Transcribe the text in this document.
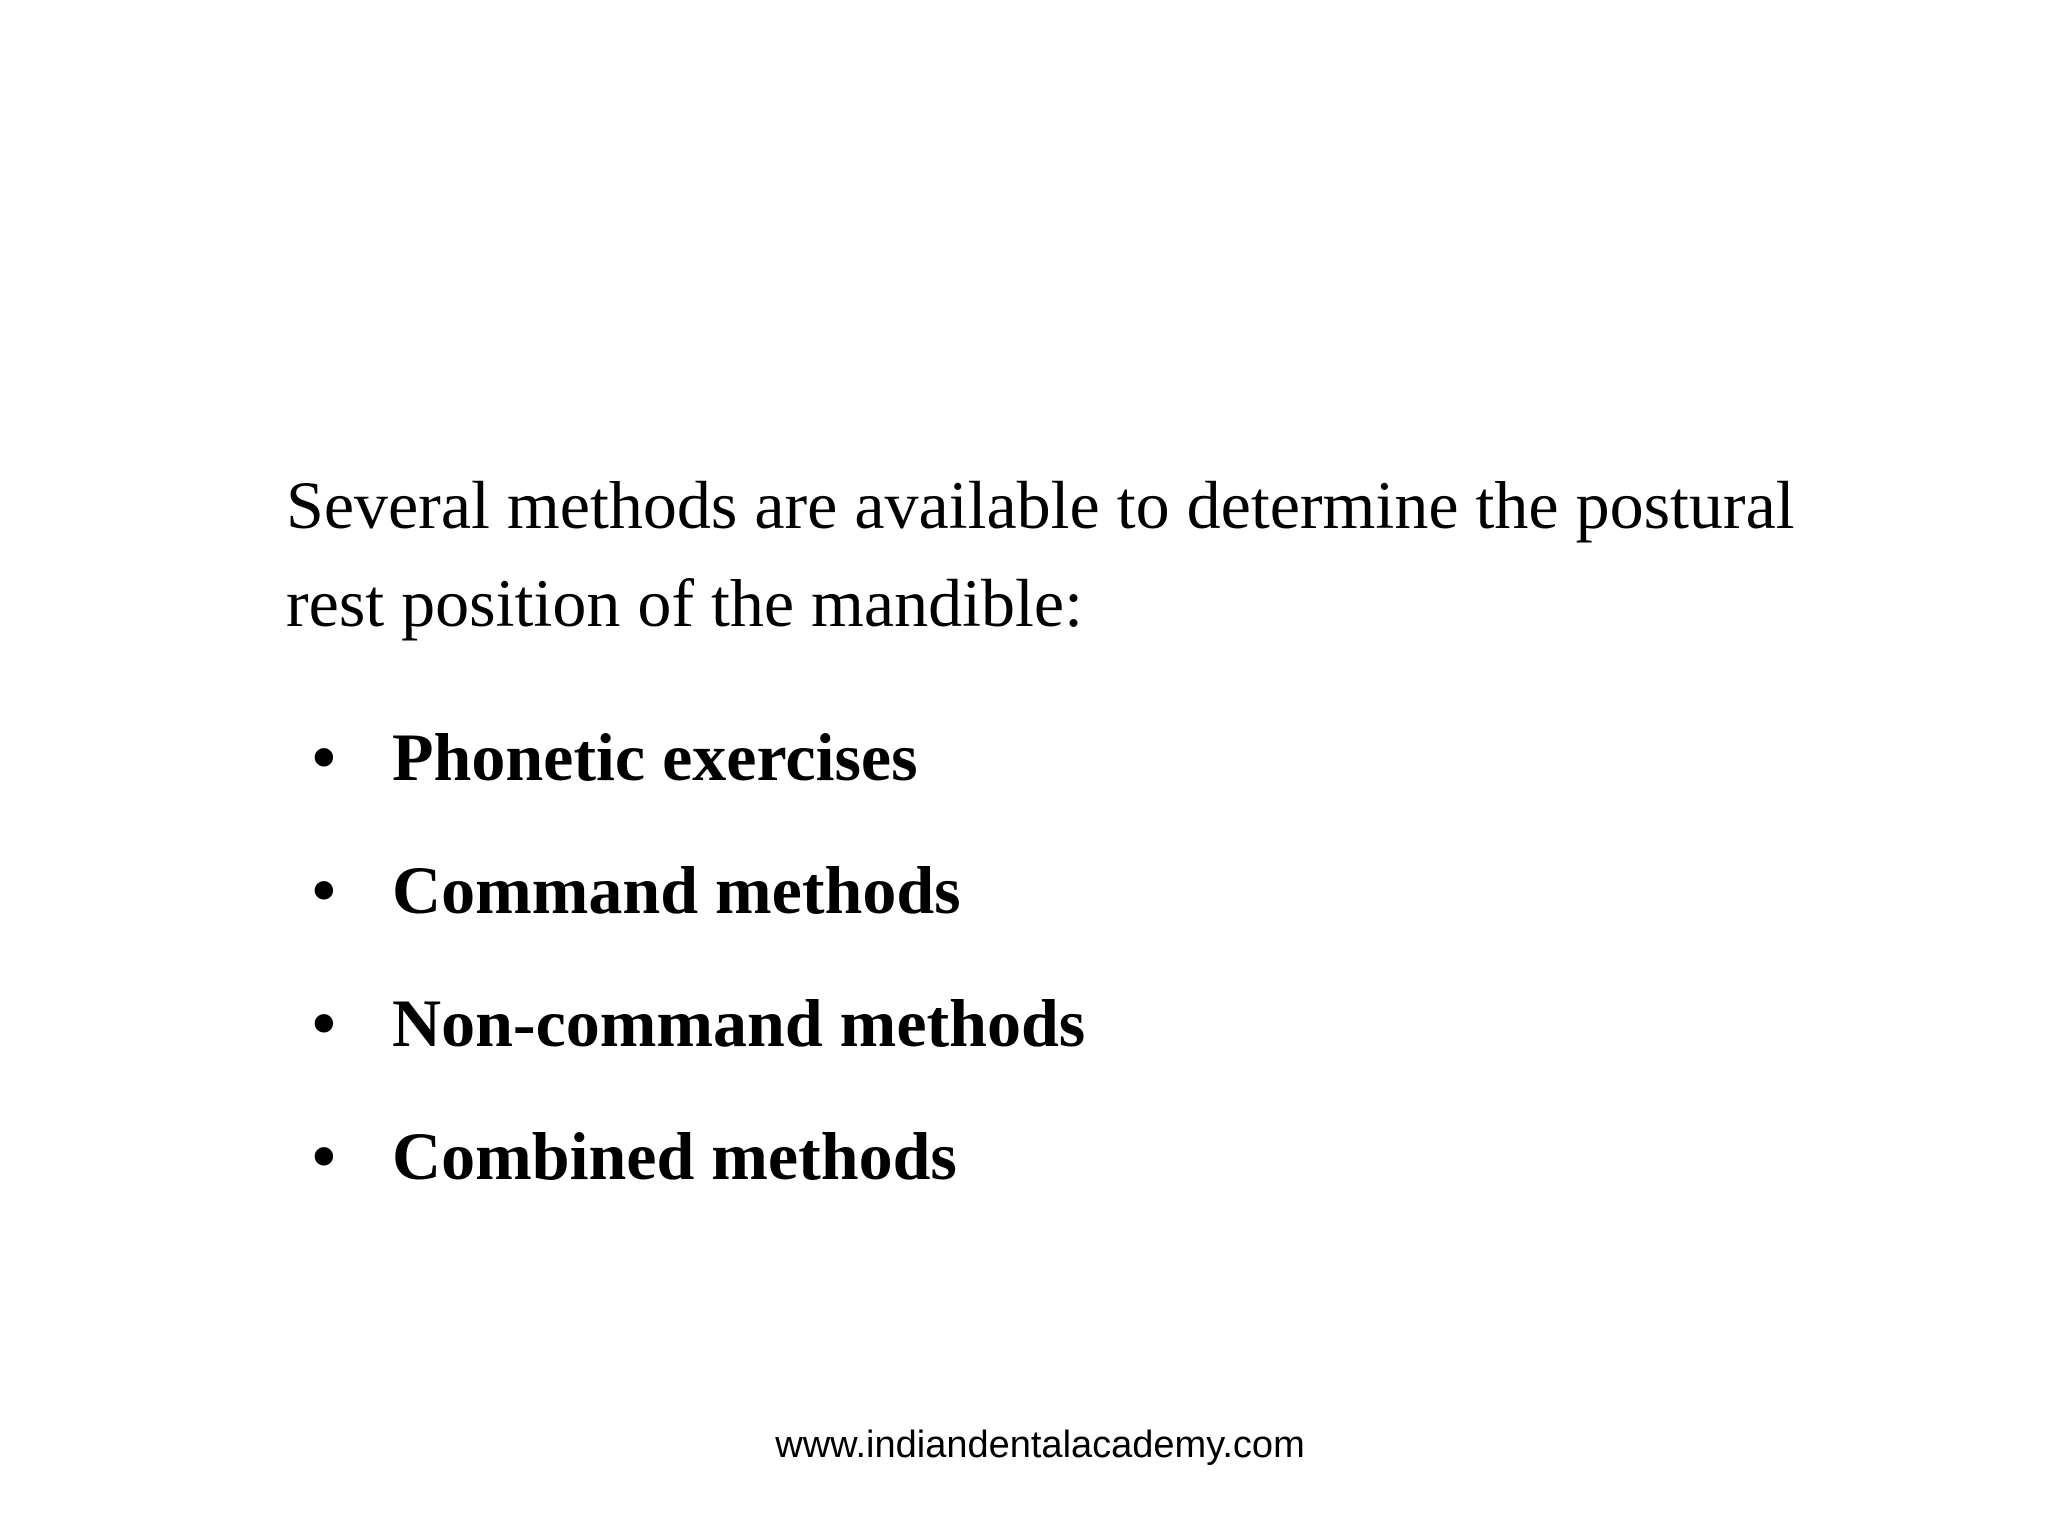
Several methods are available to determine the postural
rest position of the mandible:

• Phonetic exercises
• Command methods
• Non-command methods
• Combined methods
www.indiandentalacademy.com
